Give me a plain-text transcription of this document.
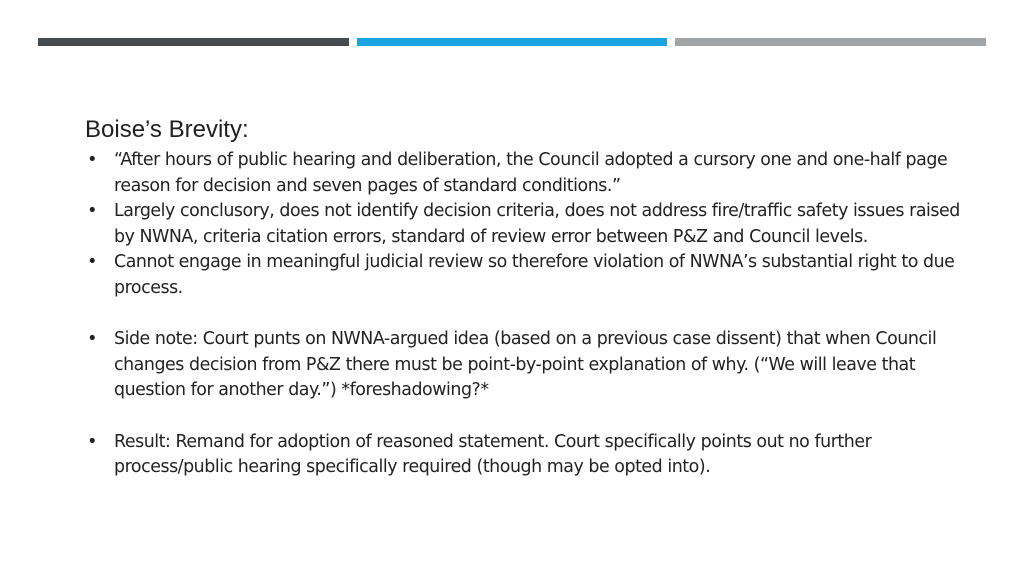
Boise’s Brevity:
• “After hours of public hearing and deliberation, the Council adopted a cursory one and one-half page reason for decision and seven pages of standard conditions.”
• Largely conclusory, does not identify decision criteria, does not address fire/traffic safety issues raised by NWNA, criteria citation errors, standard of review error between P&Z and Council levels.
• Cannot engage in meaningful judicial review so therefore violation of NWNA’s substantial right to due process.
• Side note: Court punts on NWNA-argued idea (based on a previous case dissent) that when Council changes decision from P&Z there must be point-by-point explanation of why. (“We will leave that question for another day.”) *foreshadowing?*
• Result: Remand for adoption of reasoned statement. Court specifically points out no further process/public hearing specifically required (though may be opted into).
